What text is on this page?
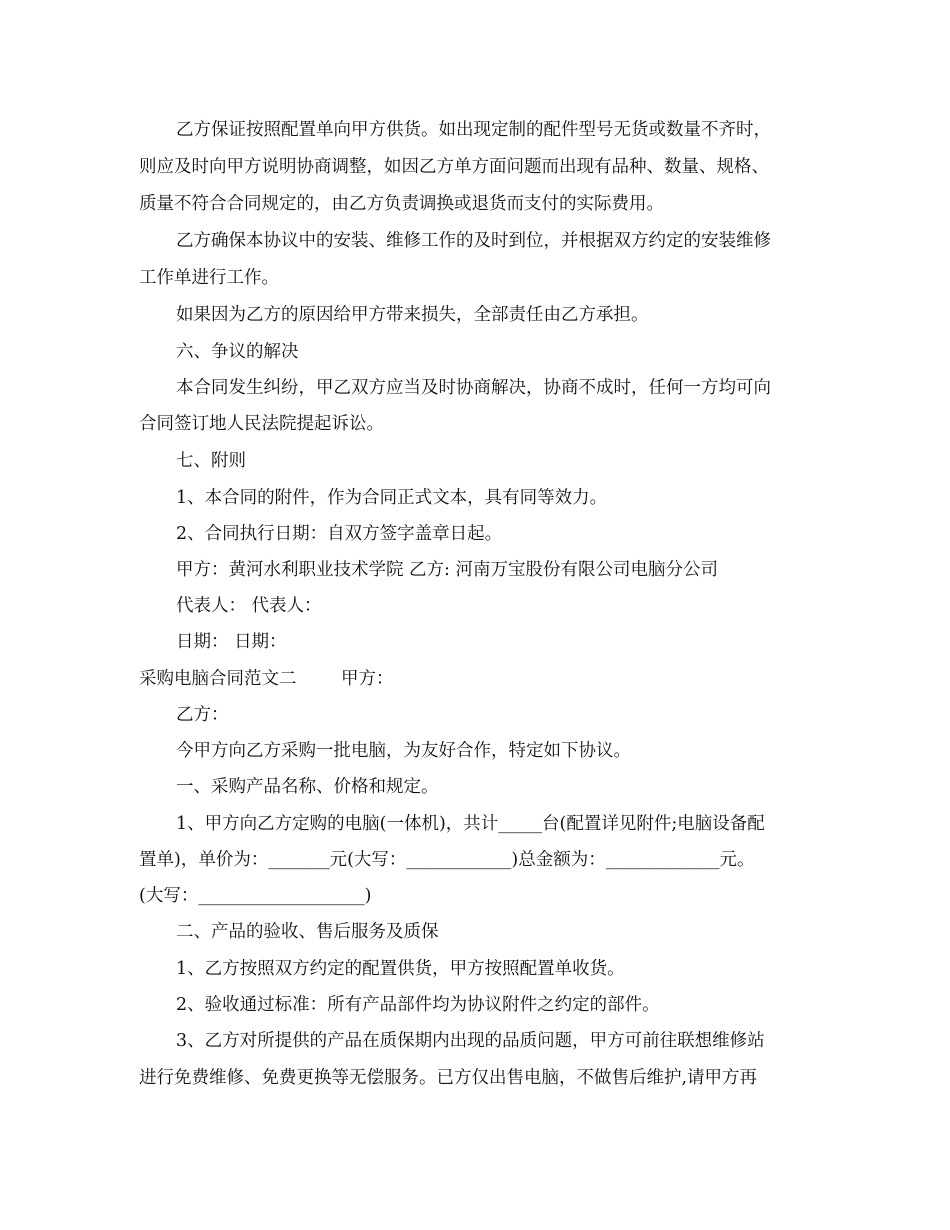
乙方保证按照配置单向甲方供货。如出现定制的配件型号无货或数量不齐时，
则应及时向甲方说明协商调整，如因乙方单方面问题而出现有品种、数量、规格、
质量不符合合同规定的，由乙方负责调换或退货而支付的实际费用。
乙方确保本协议中的安装、维修工作的及时到位，并根据双方约定的安装维修
工作单进行工作。
如果因为乙方的原因给甲方带来损失，全部责任由乙方承担。
六、争议的解决
本合同发生纠纷，甲乙双方应当及时协商解决，协商不成时，任何一方均可向
合同签订地人民法院提起诉讼。
七、附则
1、本合同的附件，作为合同正式文本，具有同等效力。
2、合同执行日期：自双方签字盖章日起。
甲方：黄河水利职业技术学院 乙方: 河南万宝股份有限公司电脑分公司
代表人： 代表人：
日期： 日期：
采购电脑合同范文二        甲方：
乙方：
今甲方向乙方采购一批电脑，为友好合作，特定如下协议。
一、采购产品名称、价格和规定。
1、甲方向乙方定购的电脑(一体机)，共计_____台(配置详见附件;电脑设备配
置单)，单价为：_______元(大写：____________)总金额为：_____________元。
(大写：___________________)
二、产品的验收、售后服务及质保
1、乙方按照双方约定的配置供货，甲方按照配置单收货。
2、验收通过标准：所有产品部件均为协议附件之约定的部件。
3、乙方对所提供的产品在质保期内出现的品质问题，甲方可前往联想维修站
进行免费维修、免费更换等无偿服务。已方仅出售电脑，不做售后维护,请甲方再
